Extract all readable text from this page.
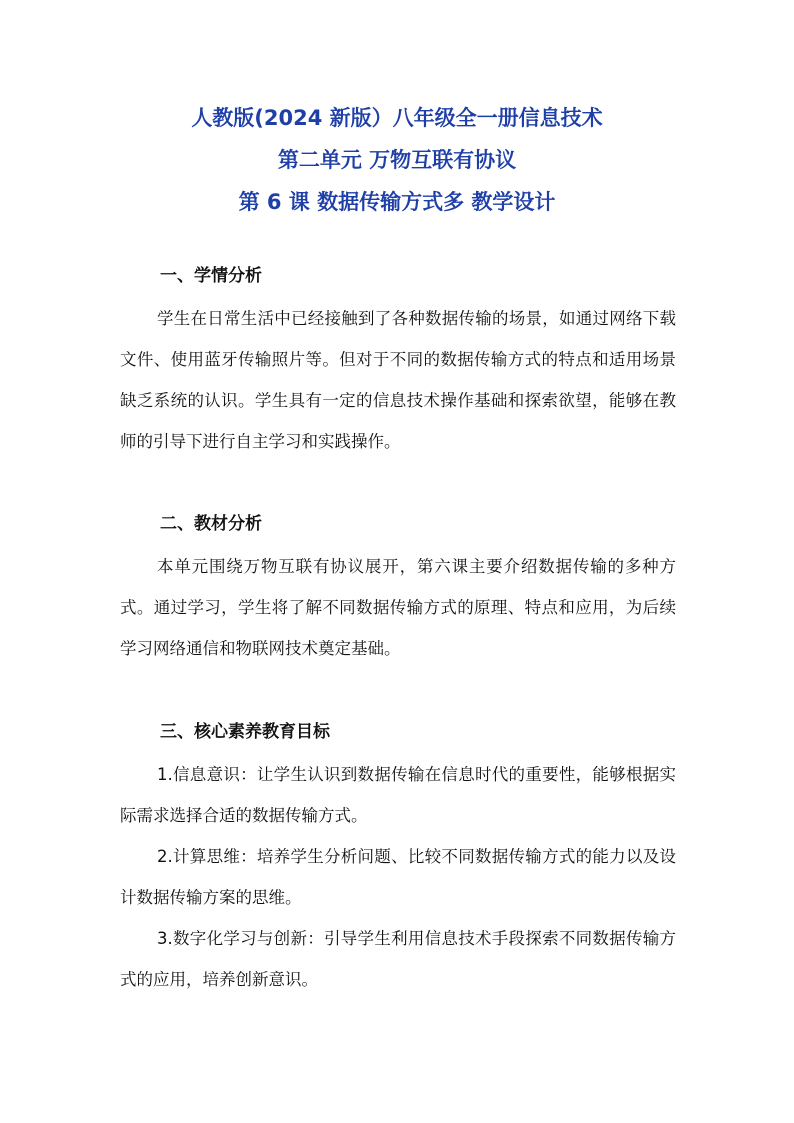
人教版(2024 新版）八年级全一册信息技术
第二单元 万物互联有协议
第 6 课 数据传输方式多 教学设计
一、学情分析
学生在日常生活中已经接触到了各种数据传输的场景，如通过网络下载文件、使用蓝牙传输照片等。但对于不同的数据传输方式的特点和适用场景缺乏系统的认识。学生具有一定的信息技术操作基础和探索欲望，能够在教师的引导下进行自主学习和实践操作。
二、教材分析
本单元围绕万物互联有协议展开，第六课主要介绍数据传输的多种方式。通过学习，学生将了解不同数据传输方式的原理、特点和应用，为后续学习网络通信和物联网技术奠定基础。
三、核心素养教育目标
1.信息意识：让学生认识到数据传输在信息时代的重要性，能够根据实际需求选择合适的数据传输方式。
2.计算思维：培养学生分析问题、比较不同数据传输方式的能力以及设计数据传输方案的思维。
3.数字化学习与创新：引导学生利用信息技术手段探索不同数据传输方式的应用，培养创新意识。
